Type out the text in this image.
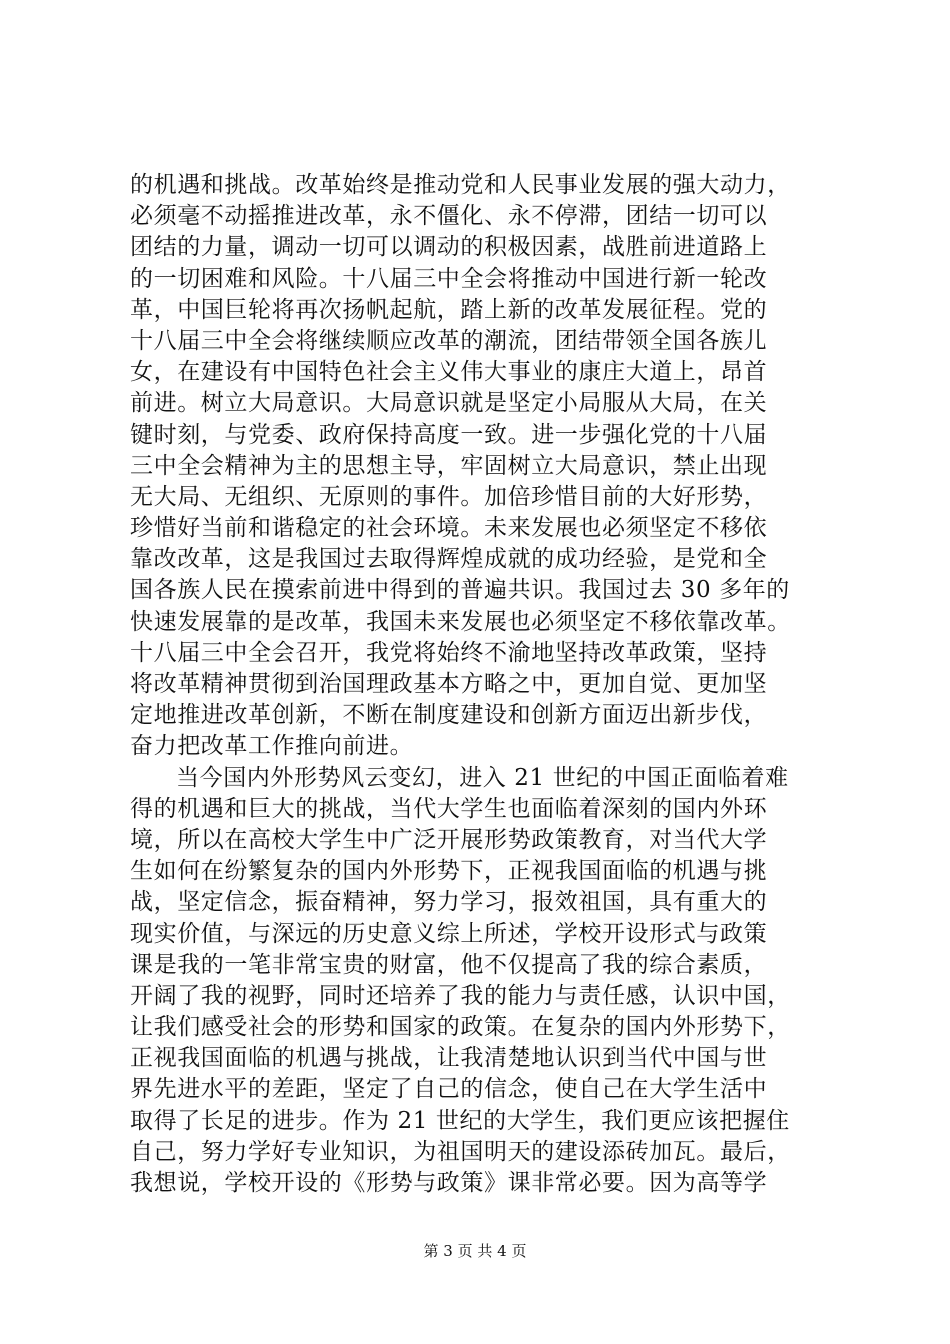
的机遇和挑战。改革始终是推动党和人民事业发展的强大动力，
必须毫不动摇推进改革，永不僵化、永不停滞，团结一切可以
团结的力量，调动一切可以调动的积极因素，战胜前进道路上
的一切困难和风险。十八届三中全会将推动中国进行新一轮改
革，中国巨轮将再次扬帆起航，踏上新的改革发展征程。党的
十八届三中全会将继续顺应改革的潮流，团结带领全国各族儿
女，在建设有中国特色社会主义伟大事业的康庄大道上，昂首
前进。树立大局意识。大局意识就是坚定小局服从大局，在关
键时刻，与党委、政府保持高度一致。进一步强化党的十八届
三中全会精神为主的思想主导，牢固树立大局意识，禁止出现
无大局、无组织、无原则的事件。加倍珍惜目前的大好形势，
珍惜好当前和谐稳定的社会环境。未来发展也必须坚定不移依
靠改改革，这是我国过去取得辉煌成就的成功经验，是党和全
国各族人民在摸索前进中得到的普遍共识。我国过去 30 多年的
快速发展靠的是改革，我国未来发展也必须坚定不移依靠改革。
十八届三中全会召开，我党将始终不渝地坚持改革政策，坚持
将改革精神贯彻到治国理政基本方略之中，更加自觉、更加坚
定地推进改革创新，不断在制度建设和创新方面迈出新步伐，
奋力把改革工作推向前进。
当今国内外形势风云变幻，进入 21 世纪的中国正面临着难
得的机遇和巨大的挑战，当代大学生也面临着深刻的国内外环
境，所以在高校大学生中广泛开展形势政策教育，对当代大学
生如何在纷繁复杂的国内外形势下，正视我国面临的机遇与挑
战，坚定信念，振奋精神，努力学习，报效祖国，具有重大的
现实价值，与深远的历史意义综上所述，学校开设形式与政策
课是我的一笔非常宝贵的财富，他不仅提高了我的综合素质，
开阔了我的视野，同时还培养了我的能力与责任感，认识中国，
让我们感受社会的形势和国家的政策。在复杂的国内外形势下，
正视我国面临的机遇与挑战，让我清楚地认识到当代中国与世
界先进水平的差距，坚定了自己的信念，使自己在大学生活中
取得了长足的进步。作为 21 世纪的大学生，我们更应该把握住
自己，努力学好专业知识，为祖国明天的建设添砖加瓦。最后，
我想说，学校开设的《形势与政策》课非常必要。因为高等学
第 3 页 共 4 页
